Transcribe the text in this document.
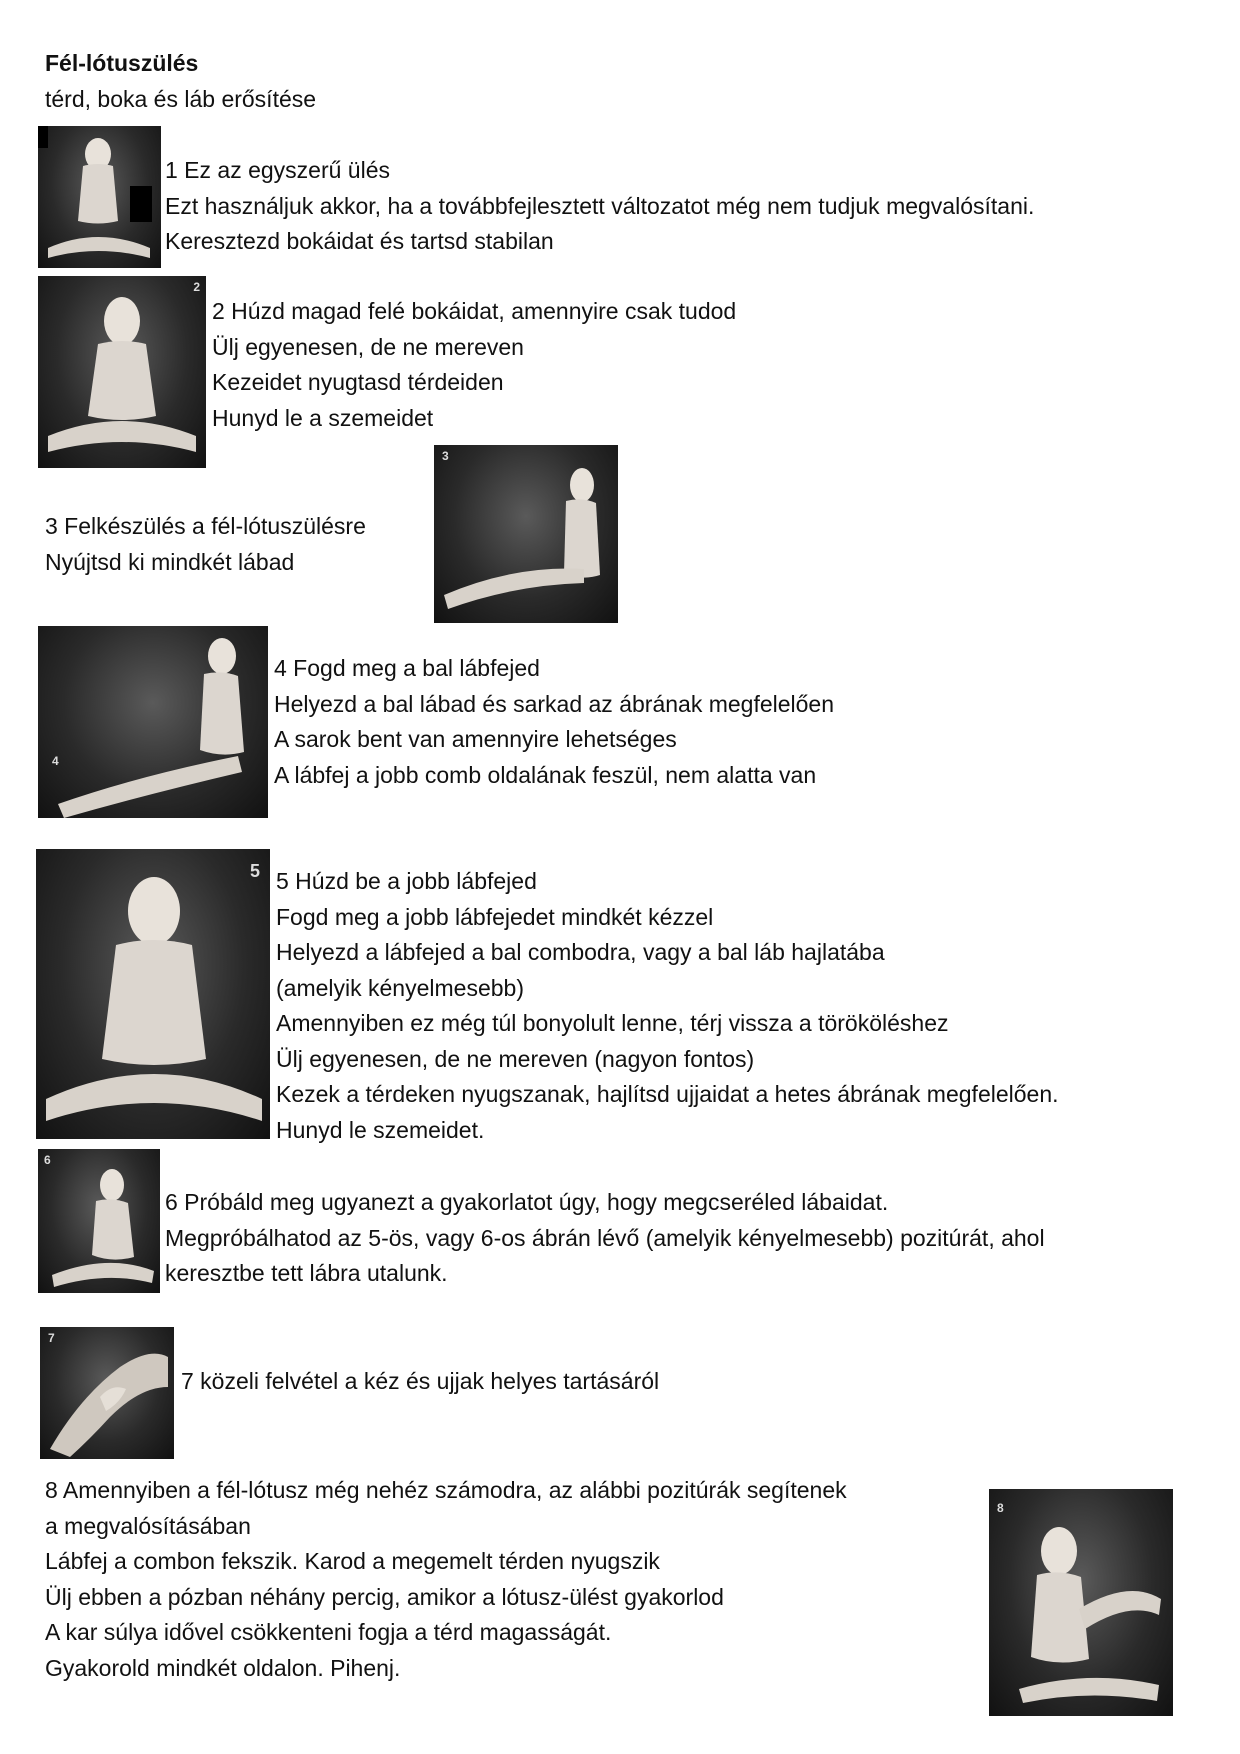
Fél-lótuszülés

térd, boka és láb erősítése

1 Ez az egyszerű ülés
Ezt használjuk akkor, ha a továbbfejlesztett változatot még nem tudjuk megvalósítani.
Keresztezd bokáidat és tartsd stabilan

2

2 Húzd magad felé bokáidat, amennyire csak tudod
Ülj egyenesen, de ne mereven
Kezeidet nyugtasd térdeiden
Hunyd le a szemeidet

3 Felkészülés a fél-lótuszülésre
Nyújtsd ki mindkét lábad

3
4

4 Fogd meg a bal lábfejed
Helyezd a bal lábad és sarkad az ábrának megfelelően
A sarok bent van amennyire lehetséges
A lábfej a jobb comb oldalának feszül, nem alatta van

5 5 Húzd be a jobb lábfejed
Fogd meg a jobb lábfejedet mindkét kézzel
Helyezd a lábfejed a bal combodra, vagy a bal láb hajlatába
(amelyik kényelmesebb)
Amennyiben ez még túl bonyolult lenne, térj vissza a törököléshez
Ülj egyenesen, de ne mereven (nagyon fontos)
Kezek a térdeken nyugszanak, hajlítsd ujjaidat a hetes ábrának megfelelően.
Hunyd le szemeidet.

6

6 Próbáld meg ugyanezt a gyakorlatot úgy, hogy megcseréled lábaidat.
Megpróbálhatod az 5-ös, vagy 6-os ábrán lévő (amelyik kényelmesebb) pozitúrát, ahol
keresztbe tett lábra utalunk.

7

7 közeli felvétel a kéz és ujjak helyes tartásáról

8 Amennyiben a fél-lótusz még nehéz számodra, az alábbi pozitúrák segítenek
a megvalósításában
Lábfej a combon fekszik. Karod a megemelt térden nyugszik
Ülj ebben a pózban néhány percig, amikor a lótusz-ülést gyakorlod
A kar súlya idővel csökkenteni fogja a térd magasságát.
Gyakorold mindkét oldalon. Pihenj.

8
